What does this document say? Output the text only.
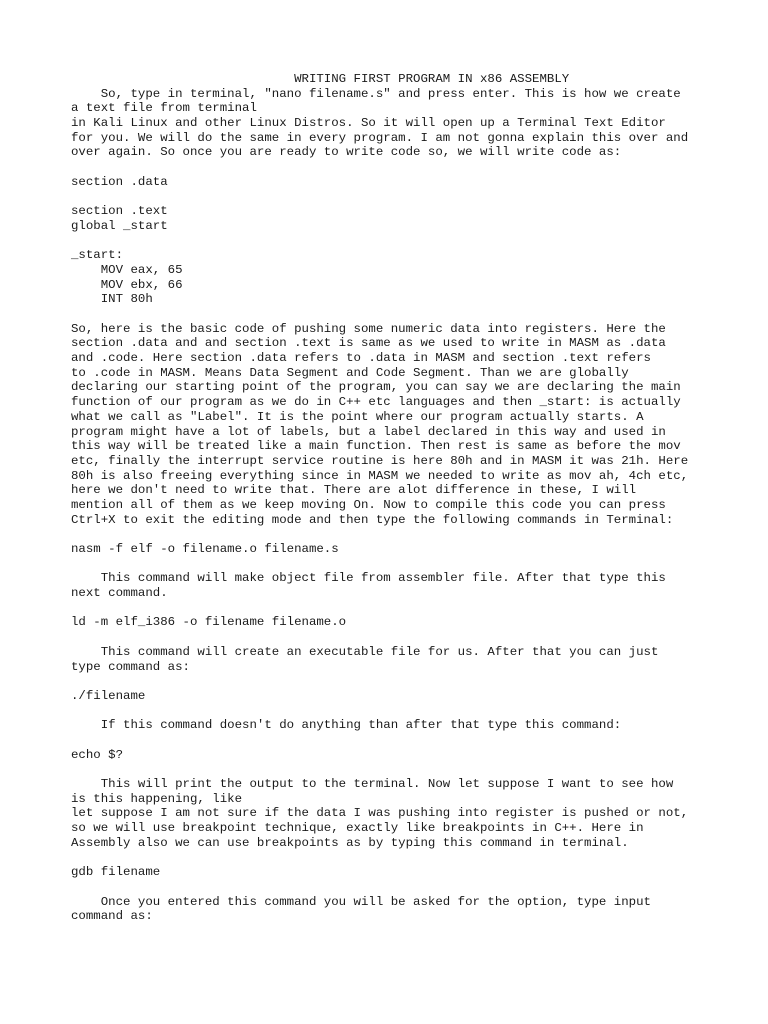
WRITING FIRST PROGRAM IN x86 ASSEMBLY
So, type in terminal, "nano filename.s" and press enter. This is how we create
a text file from terminal
in Kali Linux and other Linux Distros. So it will open up a Terminal Text Editor
for you. We will do the same in every program. I am not gonna explain this over and
over again. So once you are ready to write code so, we will write code as:
section .data
section .text
global _start
_start:
MOV eax, 65
MOV ebx, 66
INT 80h
So, here is the basic code of pushing some numeric data into registers. Here the
section .data and and section .text is same as we used to write in MASM as .data
and .code. Here section .data refers to .data in MASM and section .text refers
to .code in MASM. Means Data Segment and Code Segment. Than we are globally
declaring our starting point of the program, you can say we are declaring the main
function of our program as we do in C++ etc languages and then _start: is actually
what we call as "Label". It is the point where our program actually starts. A
program might have a lot of labels, but a label declared in this way and used in
this way will be treated like a main function. Then rest is same as before the mov
etc, finally the interrupt service routine is here 80h and in MASM it was 21h. Here
80h is also freeing everything since in MASM we needed to write as mov ah, 4ch etc,
here we don't need to write that. There are alot difference in these, I will
mention all of them as we keep moving On. Now to compile this code you can press
Ctrl+X to exit the editing mode and then type the following commands in Terminal:
nasm -f elf -o filename.o filename.s
This command will make object file from assembler file. After that type this
next command.
ld -m elf_i386 -o filename filename.o
This command will create an executable file for us. After that you can just
type command as:
./filename
If this command doesn't do anything than after that type this command:
echo $?
This will print the output to the terminal. Now let suppose I want to see how
is this happening, like
let suppose I am not sure if the data I was pushing into register is pushed or not,
so we will use breakpoint technique, exactly like breakpoints in C++. Here in
Assembly also we can use breakpoints as by typing this command in terminal.
gdb filename
Once you entered this command you will be asked for the option, type input
command as:
